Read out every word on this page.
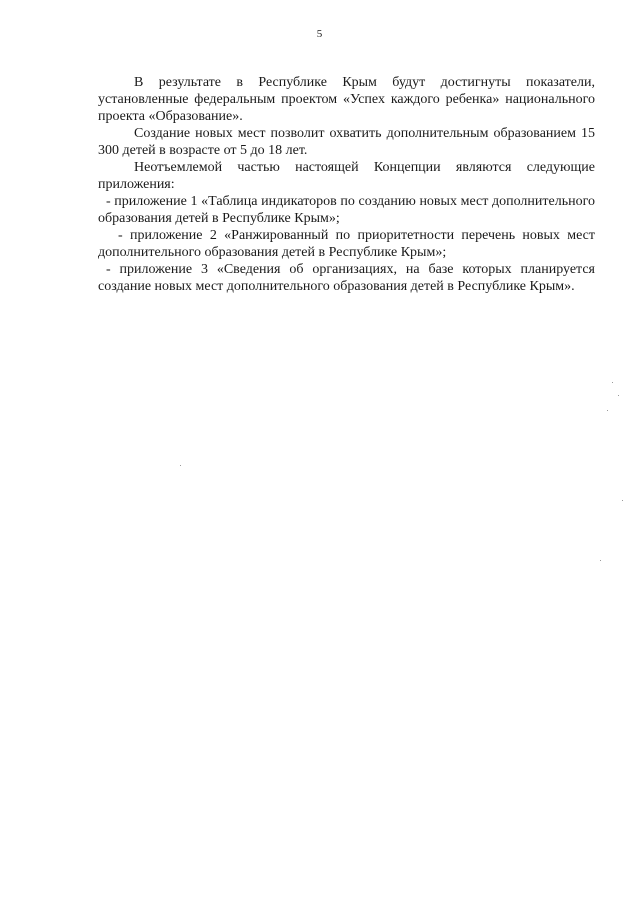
5

В результате в Республике Крым будут достигнуты показатели, установленные федеральным проектом «Успех каждого ребенка» национального проекта «Образование».

Создание новых мест позволит охватить дополнительным образованием 15 300 детей в возрасте от 5 до 18 лет.

Неотъемлемой частью настоящей Концепции являются следующие приложения:

- приложение 1 «Таблица индикаторов по созданию новых мест дополнительного образования детей в Республике Крым»;

- приложение 2 «Ранжированный по приоритетности перечень новых мест дополнительного образования детей в Республике Крым»;

- приложение 3 «Сведения об организациях, на базе которых планируется создание новых мест дополнительного образования детей в Республике Крым».
